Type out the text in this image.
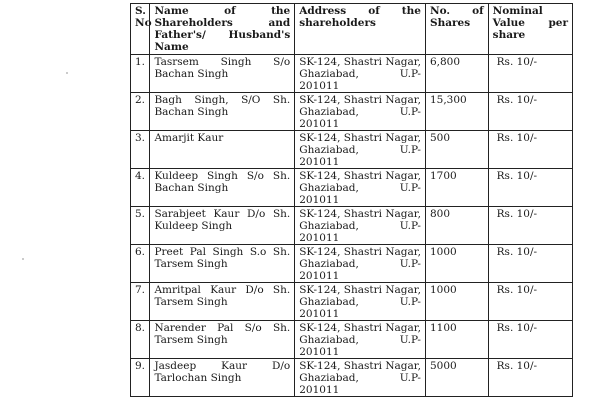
S. No	Name of the Shareholders and Father's/ Husband's Name	Address of the shareholders	No. of Shares	Nominal Value per share
1.	Tasrsem Singh S/o Bachan Singh	SK-124, Shastri Nagar, Ghaziabad, U.P-201011	6,800	Rs. 10/-
2.	Bagh Singh, S/O Sh. Bachan Singh	SK-124, Shastri Nagar, Ghaziabad, U.P-201011	15,300	Rs. 10/-
3.	Amarjit Kaur	SK-124, Shastri Nagar, Ghaziabad, U.P-201011	500	Rs. 10/-
4.	Kuldeep Singh S/o Sh. Bachan Singh	SK-124, Shastri Nagar, Ghaziabad, U.P-201011	1700	Rs. 10/-
5.	Sarabjeet Kaur D/o Sh. Kuldeep Singh	SK-124, Shastri Nagar, Ghaziabad, U.P-201011	800	Rs. 10/-
6.	Preet Pal Singh S.o Sh. Tarsem Singh	SK-124, Shastri Nagar, Ghaziabad, U.P-201011	1000	Rs. 10/-
7.	Amritpal Kaur D/o Sh. Tarsem Singh	SK-124, Shastri Nagar, Ghaziabad, U.P-201011	1000	Rs. 10/-
8.	Narender Pal S/o Sh. Tarsem Singh	SK-124, Shastri Nagar, Ghaziabad, U.P-201011	1100	Rs. 10/-
9.	Jasdeep Kaur D/o Tarlochan Singh	SK-124, Shastri Nagar, Ghaziabad, U.P-201011	5000	Rs. 10/-
